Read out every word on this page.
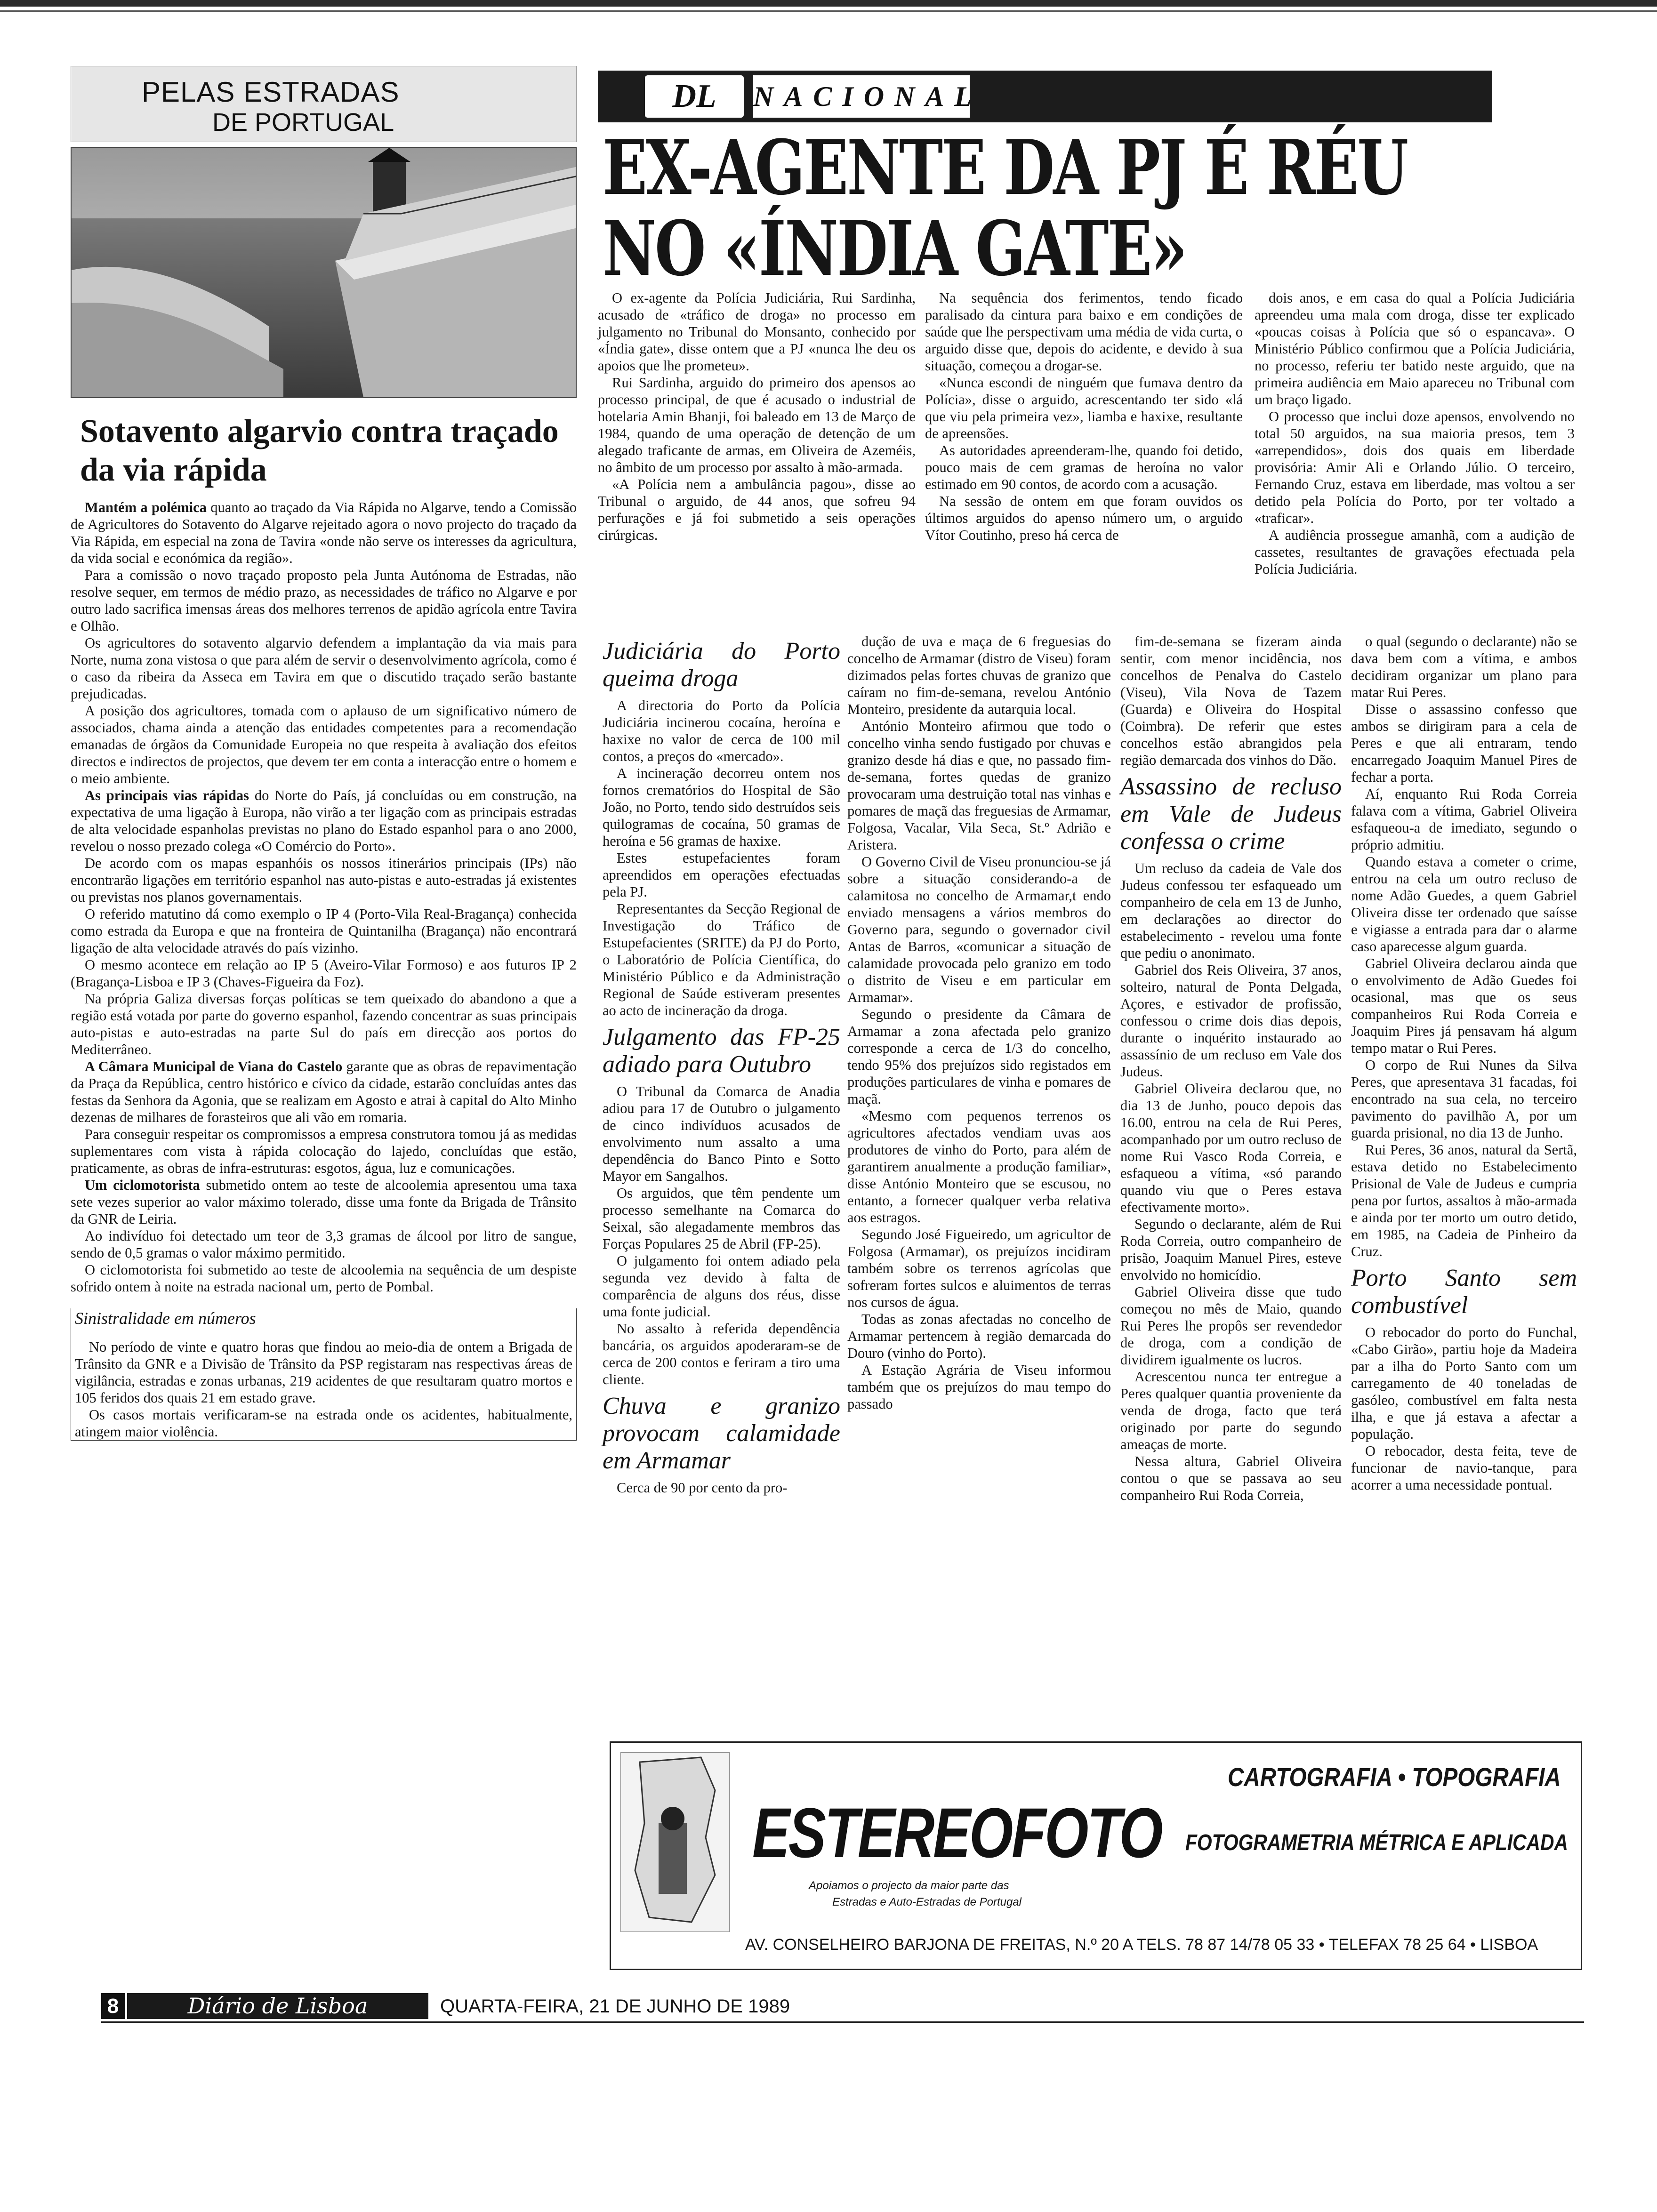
PELAS ESTRADAS
DE PORTUGAL
Sotavento algarvio contra traçado da via rápida

Mantém a polémica quanto ao traçado da Via Rápida no Algarve, tendo a Comissão de Agricultores do Sotavento do Algarve rejeitado agora o novo projecto do traçado da Via Rápida, em especial na zona de Tavira «onde não serve os interesses da agricultura, da vida social e económica da região».

Para a comissão o novo traçado proposto pela Junta Autónoma de Estradas, não resolve sequer, em termos de médio prazo, as necessidades de tráfico no Algarve e por outro lado sacrifica imensas áreas dos melhores terrenos de apidão agrícola entre Tavira e Olhão.

Os agricultores do sotavento algarvio defendem a implantação da via mais para Norte, numa zona vistosa o que para além de servir o desenvolvimento agrícola, como é o caso da ribeira da Asseca em Tavira em que o discutido traçado serão bastante prejudicadas.

A posição dos agricultores, tomada com o aplauso de um significativo número de associados, chama ainda a atenção das entidades competentes para a recomendação emanadas de órgãos da Comunidade Europeia no que respeita à avaliação dos efeitos directos e indirectos de projectos, que devem ter em conta a interacção entre o homem e o meio ambiente.

As principais vias rápidas do Norte do País, já concluídas ou em construção, na expectativa de uma ligação à Europa, não virão a ter ligação com as principais estradas de alta velocidade espanholas previstas no plano do Estado espanhol para o ano 2000, revelou o nosso prezado colega «O Comércio do Porto».

De acordo com os mapas espanhóis os nossos itinerários principais (IPs) não encontrarão ligações em território espanhol nas auto-pistas e auto-estradas já existentes ou previstas nos planos governamentais.

O referido matutino dá como exemplo o IP 4 (Porto-Vila Real-Bragança) conhecida como estrada da Europa e que na fronteira de Quintanilha (Bragança) não encontrará ligação de alta velocidade através do país vizinho.

O mesmo acontece em relação ao IP 5 (Aveiro-Vilar Formoso) e aos futuros IP 2 (Bragança-Lisboa e IP 3 (Chaves-Figueira da Foz).

Na própria Galiza diversas forças políticas se tem queixado do abandono a que a região está votada por parte do governo espanhol, fazendo concentrar as suas principais auto-pistas e auto-estradas na parte Sul do país em direcção aos portos do Mediterrâneo.

A Câmara Municipal de Viana do Castelo garante que as obras de repavimentação da Praça da República, centro histórico e cívico da cidade, estarão concluídas antes das festas da Senhora da Agonia, que se realizam em Agosto e atrai à capital do Alto Minho dezenas de milhares de forasteiros que ali vão em romaria.

Para conseguir respeitar os compromissos a empresa construtora tomou já as medidas suplementares com vista à rápida colocação do lajedo, concluídas que estão, praticamente, as obras de infra-estruturas: esgotos, água, luz e comunicações.

Um ciclomotorista submetido ontem ao teste de alcoolemia apresentou uma taxa sete vezes superior ao valor máximo tolerado, disse uma fonte da Brigada de Trânsito da GNR de Leiria.

Ao indivíduo foi detectado um teor de 3,3 gramas de álcool por litro de sangue, sendo de 0,5 gramas o valor máximo permitido.

O ciclomotorista foi submetido ao teste de alcoolemia na sequência de um despiste sofrido ontem à noite na estrada nacional um, perto de Pombal.

Sinistralidade em números

No período de vinte e quatro horas que findou ao meio-dia de ontem a Brigada de Trânsito da GNR e a Divisão de Trânsito da PSP registaram nas respectivas áreas de vigilância, estradas e zonas urbanas, 219 acidentes de que resultaram quatro mortos e 105 feridos dos quais 21 em estado grave.

Os casos mortais verificaram-se na estrada onde os acidentes, habitualmente, atingem maior violência.

DL	NACIONAL
EX-AGENTE DA PJ É RÉU
NO «ÍNDIA GATE»

O ex-agente da Polícia Judiciária, Rui Sardinha, acusado de «tráfico de droga» no processo em julgamento no Tribunal do Monsanto, conhecido por «Índia gate», disse ontem que a PJ «nunca lhe deu os apoios que lhe prometeu».

Rui Sardinha, arguido do primeiro dos apensos ao processo principal, de que é acusado o industrial de hotelaria Amin Bhanji, foi baleado em 13 de Março de 1984, quando de uma operação de detenção de um alegado traficante de armas, em Oliveira de Azeméis, no âmbito de um processo por assalto à mão-armada.

«A Polícia nem a ambulância pagou», disse ao Tribunal o arguido, de 44 anos, que sofreu 94 perfurações e já foi submetido a seis operações cirúrgicas.

Na sequência dos ferimentos, tendo ficado paralisado da cintura para baixo e em condições de saúde que lhe perspectivam uma média de vida curta, o arguido disse que, depois do acidente, e devido à sua situação, começou a drogar-se.

«Nunca escondi de ninguém que fumava dentro da Polícia», disse o arguido, acrescentando ter sido «lá que viu pela primeira vez», liamba e haxixe, resultante de apreensões.

As autoridades apreenderam-lhe, quando foi detido, pouco mais de cem gramas de heroína no valor estimado em 90 contos, de acordo com a acusação.

Na sessão de ontem em que foram ouvidos os últimos arguidos do apenso número um, o arguido Vítor Coutinho, preso há cerca de

dois anos, e em casa do qual a Polícia Judiciária apreendeu uma mala com droga, disse ter explicado «poucas coisas à Polícia que só o espancava». O Ministério Público confirmou que a Polícia Judiciária, no processo, referiu ter batido neste arguido, que na primeira audiência em Maio apareceu no Tribunal com um braço ligado.

O processo que inclui doze apensos, envolvendo no total 50 arguidos, na sua maioria presos, tem 3 «arrependidos», dois dos quais em liberdade provisória: Amir Ali e Orlando Júlio. O terceiro, Fernando Cruz, estava em liberdade, mas voltou a ser detido pela Polícia do Porto, por ter voltado a «traficar».

A audiência prossegue amanhã, com a audição de cassetes, resultantes de gravações efectuada pela Polícia Judiciária.

Judiciária do Porto queima droga

A directoria do Porto da Polícia Judiciária incinerou cocaína, heroína e haxixe no valor de cerca de 100 mil contos, a preços do «mercado».

A incineração decorreu ontem nos fornos crematórios do Hospital de São João, no Porto, tendo sido destruídos seis quilogramas de cocaína, 50 gramas de heroína e 56 gramas de haxixe.

Estes estupefacientes foram apreendidos em operações efectuadas pela PJ.

Representantes da Secção Regional de Investigação do Tráfico de Estupefacientes (SRITE) da PJ do Porto, o Laboratório de Polícia Científica, do Ministério Público e da Administração Regional de Saúde estiveram presentes ao acto de incineração da droga.

Julgamento das FP-25 adiado para Outubro

O Tribunal da Comarca de Anadia adiou para 17 de Outubro o julgamento de cinco indivíduos acusados de envolvimento num assalto a uma dependência do Banco Pinto e Sotto Mayor em Sangalhos.

Os arguidos, que têm pendente um processo semelhante na Comarca do Seixal, são alegadamente membros das Forças Populares 25 de Abril (FP-25).

O julgamento foi ontem adiado pela segunda vez devido à falta de comparência de alguns dos réus, disse uma fonte judicial.

No assalto à referida dependência bancária, os arguidos apoderaram-se de cerca de 200 contos e feriram a tiro uma cliente.

Chuva e granizo provocam calamidade em Armamar

Cerca de 90 por cento da pro-

dução de uva e maça de 6 freguesias do concelho de Armamar (distro de Viseu) foram dizimados pelas fortes chuvas de granizo que caíram no fim-de-semana, revelou António Monteiro, presidente da autarquia local.

António Monteiro afirmou que todo o concelho vinha sendo fustigado por chuvas e granizo desde há dias e que, no passado fim-de-semana, fortes quedas de granizo provocaram uma destruição total nas vinhas e pomares de maçã das freguesias de Armamar, Folgosa, Vacalar, Vila Seca, St.º Adrião e Aristera.

O Governo Civil de Viseu pronunciou-se já sobre a situação considerando-a de calamitosa no concelho de Armamar,t endo enviado mensagens a vários membros do Governo para, segundo o governador civil Antas de Barros, «comunicar a situação de calamidade provocada pelo granizo em todo o distrito de Viseu e em particular em Armamar».

Segundo o presidente da Câmara de Armamar a zona afectada pelo granizo corresponde a cerca de 1/3 do concelho, tendo 95% dos prejuízos sido registados em produções particulares de vinha e pomares de maçã.

«Mesmo com pequenos terrenos os agricultores afectados vendiam uvas aos produtores de vinho do Porto, para além de garantirem anualmente a produção familiar», disse António Monteiro que se escusou, no entanto, a fornecer qualquer verba relativa aos estragos.

Segundo José Figueiredo, um agricultor de Folgosa (Armamar), os prejuízos incidiram também sobre os terrenos agrícolas que sofreram fortes sulcos e aluimentos de terras nos cursos de água.

Todas as zonas afectadas no concelho de Armamar pertencem à região demarcada do Douro (vinho do Porto).

A Estação Agrária de Viseu informou também que os prejuízos do mau tempo do passado

fim-de-semana se fizeram ainda sentir, com menor incidência, nos concelhos de Penalva do Castelo (Viseu), Vila Nova de Tazem (Guarda) e Oliveira do Hospital (Coimbra). De referir que estes concelhos estão abrangidos pela região demarcada dos vinhos do Dão.

Assassino de recluso em Vale de Judeus confessa o crime

Um recluso da cadeia de Vale dos Judeus confessou ter esfaqueado um companheiro de cela em 13 de Junho, em declarações ao director do estabelecimento - revelou uma fonte que pediu o anonimato.

Gabriel dos Reis Oliveira, 37 anos, solteiro, natural de Ponta Delgada, Açores, e estivador de profissão, confessou o crime dois dias depois, durante o inquérito instaurado ao assassínio de um recluso em Vale dos Judeus.

Gabriel Oliveira declarou que, no dia 13 de Junho, pouco depois das 16.00, entrou na cela de Rui Peres, acompanhado por um outro recluso de nome Rui Vasco Roda Correia, e esfaqueou a vítima, «só parando quando viu que o Peres estava efectivamente morto».

Segundo o declarante, além de Rui Roda Correia, outro companheiro de prisão, Joaquim Manuel Pires, esteve envolvido no homicídio.

Gabriel Oliveira disse que tudo começou no mês de Maio, quando Rui Peres lhe propôs ser revendedor de droga, com a condição de dividirem igualmente os lucros.

Acrescentou nunca ter entregue a Peres qualquer quantia proveniente da venda de droga, facto que terá originado por parte do segundo ameaças de morte.

Nessa altura, Gabriel Oliveira contou o que se passava ao seu companheiro Rui Roda Correia,

o qual (segundo o declarante) não se dava bem com a vítima, e ambos decidiram organizar um plano para matar Rui Peres.

Disse o assassino confesso que ambos se dirigiram para a cela de Peres e que ali entraram, tendo encarregado Joaquim Manuel Pires de fechar a porta.

Aí, enquanto Rui Roda Correia falava com a vítima, Gabriel Oliveira esfaqueou-a de imediato, segundo o próprio admitiu.

Quando estava a cometer o crime, entrou na cela um outro recluso de nome Adão Guedes, a quem Gabriel Oliveira disse ter ordenado que saísse e vigiasse a entrada para dar o alarme caso aparecesse algum guarda.

Gabriel Oliveira declarou ainda que o envolvimento de Adão Guedes foi ocasional, mas que os seus companheiros Rui Roda Correia e Joaquim Pires já pensavam há algum tempo matar o Rui Peres.

O corpo de Rui Nunes da Silva Peres, que apresentava 31 facadas, foi encontrado na sua cela, no terceiro pavimento do pavilhão A, por um guarda prisional, no dia 13 de Junho.

Rui Peres, 36 anos, natural da Sertã, estava detido no Estabelecimento Prisional de Vale de Judeus e cumpria pena por furtos, assaltos à mão-armada e ainda por ter morto um outro detido, em 1985, na Cadeia de Pinheiro da Cruz.

Porto Santo sem combustível

O rebocador do porto do Funchal, «Cabo Girão», partiu hoje da Madeira par a ilha do Porto Santo com um carregamento de 40 toneladas de gasóleo, combustível em falta nesta ilha, e que já estava a afectar a população.

O rebocador, desta feita, teve de funcionar de navio-tanque, para acorrer a uma necessidade pontual.

ESTEREOFOTO
Apoiamos o projecto da maior parte das
Estradas e Auto-Estradas de Portugal
CARTOGRAFIA • TOPOGRAFIA
FOTOGRAMETRIA MÉTRICA E APLICADA
AV. CONSELHEIRO BARJONA DE FREITAS, N.º 20 A TELS. 78 87 14/78 05 33 • TELEFAX 78 25 64 • LISBOA
8	Diário de Lisboa	QUARTA-FEIRA, 21 DE JUNHO DE 1989
